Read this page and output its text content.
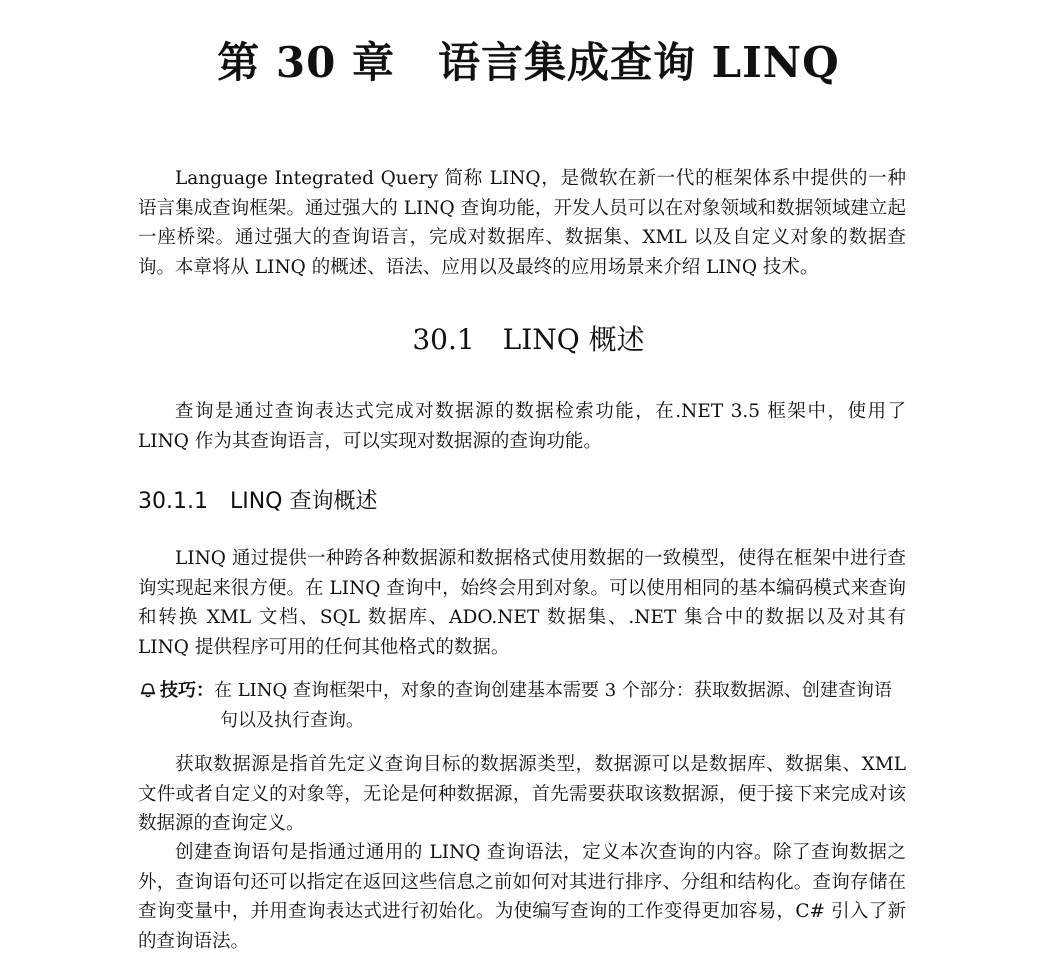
第 30 章　语言集成查询 LINQ

Language Integrated Query 简称 LINQ，是微软在新一代的框架体系中提供的一种语言集成查询框架。通过强大的 LINQ 查询功能，开发人员可以在对象领域和数据领域建立起一座桥梁。通过强大的查询语言，完成对数据库、数据集、XML 以及自定义对象的数据查询。本章将从 LINQ 的概述、语法、应用以及最终的应用场景来介绍 LINQ 技术。

30.1　LINQ 概述

查询是通过查询表达式完成对数据源的数据检索功能，在.NET 3.5 框架中，使用了 LINQ 作为其查询语言，可以实现对数据源的查询功能。

30.1.1　LINQ 查询概述

LINQ 通过提供一种跨各种数据源和数据格式使用数据的一致模型，使得在框架中进行查询实现起来很方便。在 LINQ 查询中，始终会用到对象。可以使用相同的基本编码模式来查询和转换 XML 文档、SQL 数据库、ADO.NET 数据集、.NET 集合中的数据以及对其有 LINQ 提供程序可用的任何其他格式的数据。

技巧：在 LINQ 查询框架中，对象的查询创建基本需要 3 个部分：获取数据源、创建查询语句以及执行查询。

获取数据源是指首先定义查询目标的数据源类型，数据源可以是数据库、数据集、XML 文件或者自定义的对象等，无论是何种数据源，首先需要获取该数据源，便于接下来完成对该数据源的查询定义。

创建查询语句是指通过通用的 LINQ 查询语法，定义本次查询的内容。除了查询数据之外，查询语句还可以指定在返回这些信息之前如何对其进行排序、分组和结构化。查询存储在查询变量中，并用查询表达式进行初始化。为使编写查询的工作变得更加容易，C# 引入了新的查询语法。
